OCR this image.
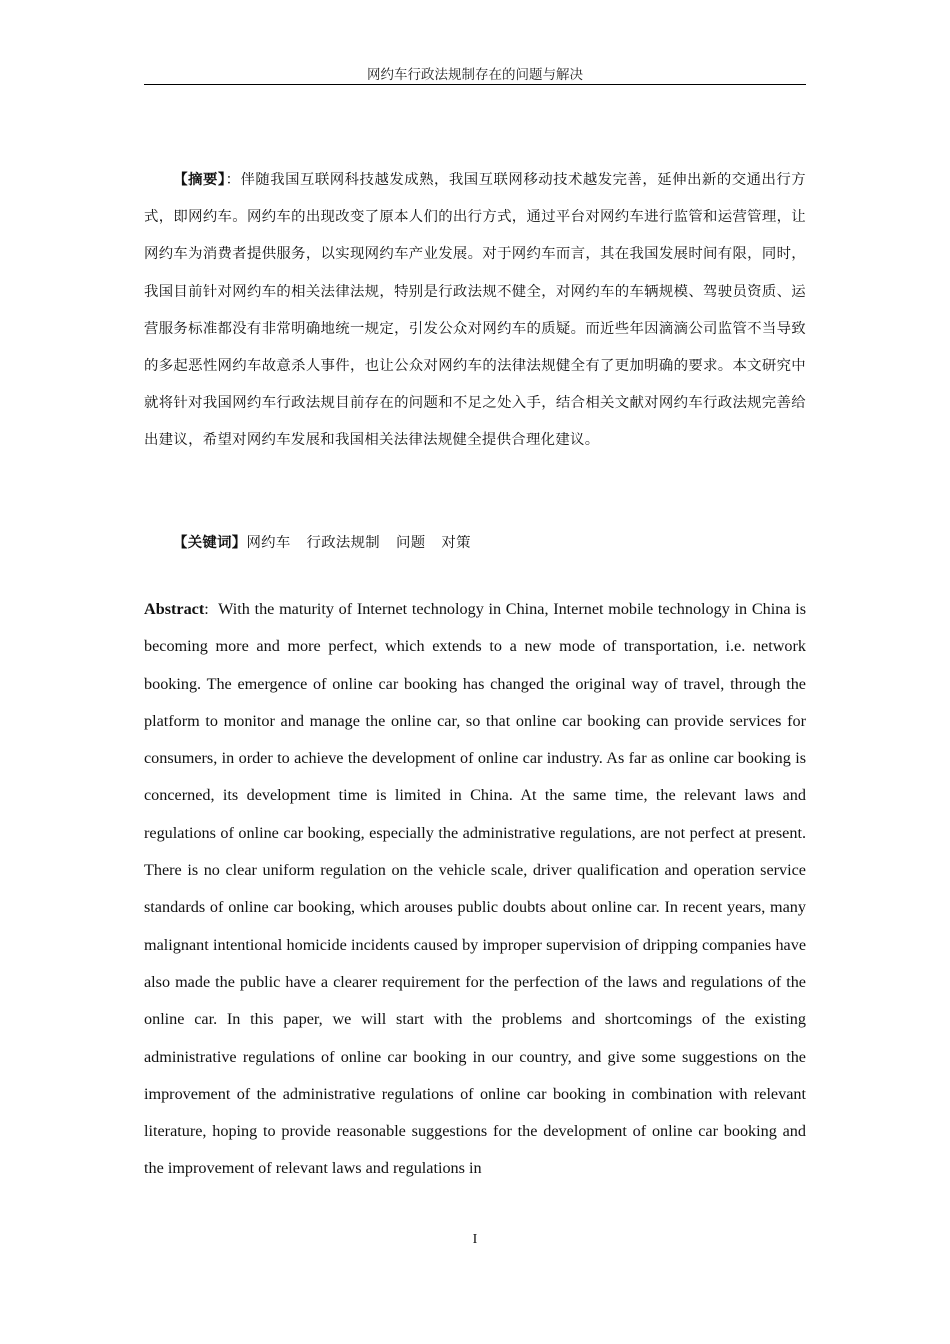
网约车行政法规制存在的问题与解决

【摘要】：伴随我国互联网科技越发成熟，我国互联网移动技术越发完善，延伸出新的交通出行方式，即网约车。网约车的出现改变了原本人们的出行方式，通过平台对网约车进行监管和运营管理，让网约车为消费者提供服务，以实现网约车产业发展。对于网约车而言，其在我国发展时间有限，同时，我国目前针对网约车的相关法律法规，特别是行政法规不健全，对网约车的车辆规模、驾驶员资质、运营服务标准都没有非常明确地统一规定，引发公众对网约车的质疑。而近些年因滴滴公司监管不当导致的多起恶性网约车故意杀人事件，也让公众对网约车的法律法规健全有了更加明确的要求。本文研究中就将针对我国网约车行政法规目前存在的问题和不足之处入手，结合相关文献对网约车行政法规完善给出建议，希望对网约车发展和我国相关法律法规健全提供合理化建议。

【关键词】网约车 行政法规制 问题 对策

Abstract: With the maturity of Internet technology in China, Internet mobile technology in China is becoming more and more perfect, which extends to a new mode of transportation, i.e. network booking. The emergence of online car booking has changed the original way of travel, through the platform to monitor and manage the online car, so that online car booking can provide services for consumers, in order to achieve the development of online car industry. As far as online car booking is concerned, its development time is limited in China. At the same time, the relevant laws and regulations of online car booking, especially the administrative regulations, are not perfect at present. There is no clear uniform regulation on the vehicle scale, driver qualification and operation service standards of online car booking, which arouses public doubts about online car. In recent years, many malignant intentional homicide incidents caused by improper supervision of dripping companies have also made the public have a clearer requirement for the perfection of the laws and regulations of the online car. In this paper, we will start with the problems and shortcomings of the existing administrative regulations of online car booking in our country, and give some suggestions on the improvement of the administrative regulations of online car booking in combination with relevant literature, hoping to provide reasonable suggestions for the development of online car booking and the improvement of relevant laws and regulations in

I
